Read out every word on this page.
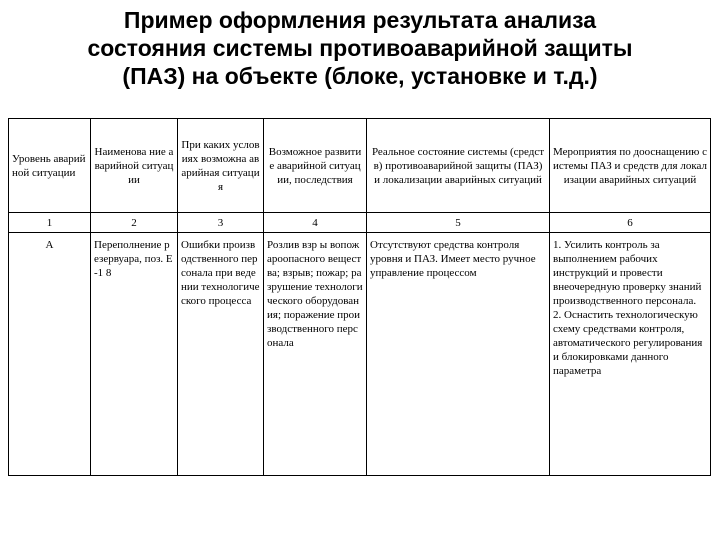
Пример оформления результата анализа
состояния системы противоаварийной защиты
(ПАЗ) на объекте (блоке, установке и т.д.)
Уровень аварийной ситуации	Наименова ние аварийной ситуации	При каких условиях возможна аварийная ситуация	Возможное развитие аварийной ситуации, последствия	Реальное состояние системы (средств) противоаварийной защиты (ПАЗ) и локализации аварийных ситуаций	Мероприятия по дооснащению системы ПАЗ и средств для локализации аварийных ситуаций
1	2	3	4	5	6
А	Переполнение резервуара, поз. Е -1 8	Ошибки производственного персонала при ведении технологического процесса	Розлив взр ы вопожароопасного вещества; взрыв; пожар; разрушение технологического оборудования; поражение производственного персонала	Отсутствуют средства контроля уровня и ПАЗ. Имеет место ручное управление процессом	1. Усилить контроль за выполнением рабочих инструкций и провести внеочередную проверку знаний производственного персонала.
2. Оснастить технологическую схему средствами контроля, автоматического регулирования и блокировками данного параметра
